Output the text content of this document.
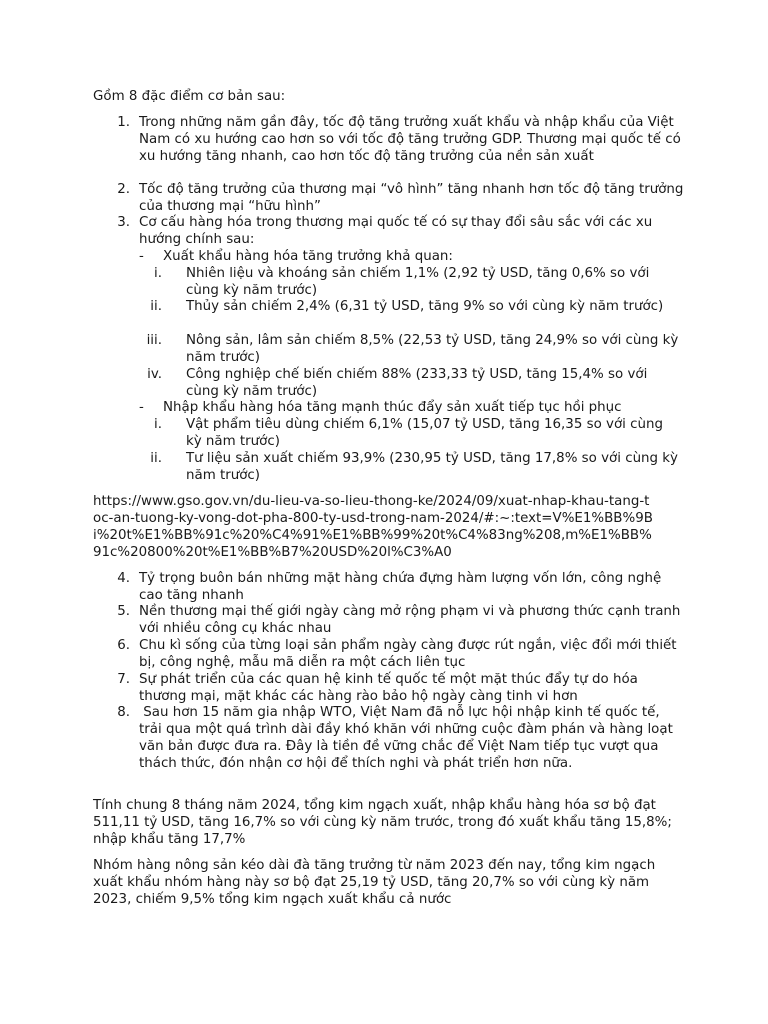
Gồm 8 đặc điểm cơ bản sau:
1. Trong những năm gần đây, tốc độ tăng trưởng xuất khẩu và nhập khẩu của Việt Nam có xu hướng cao hơn so với tốc độ tăng trưởng GDP. Thương mại quốc tế có xu hướng tăng nhanh, cao hơn tốc độ tăng trưởng của nền sản xuất
2. Tốc độ tăng trưởng của thương mại “vô hình” tăng nhanh hơn tốc độ tăng trưởng của thương mại “hữu hình”
3. Cơ cấu hàng hóa trong thương mại quốc tế có sự thay đổi sâu sắc với các xu hướng chính sau:
- Xuất khẩu hàng hóa tăng trưởng khả quan:
i. Nhiên liệu và khoáng sản chiếm 1,1% (2,92 tỷ USD, tăng 0,6% so với cùng kỳ năm trước)
ii. Thủy sản chiếm 2,4% (6,31 tỷ USD, tăng 9% so với cùng kỳ năm trước)
iii. Nông sản, lâm sản chiếm 8,5% (22,53 tỷ USD, tăng 24,9% so với cùng kỳ năm trước)
iv. Công nghiệp chế biến chiếm 88% (233,33 tỷ USD, tăng 15,4% so với cùng kỳ năm trước)
- Nhập khẩu hàng hóa tăng mạnh thúc đẩy sản xuất tiếp tục hồi phục
i. Vật phẩm tiêu dùng chiếm 6,1% (15,07 tỷ USD, tăng 16,35 so với cùng kỳ năm trước)
ii. Tư liệu sản xuất chiếm 93,9% (230,95 tỷ USD, tăng 17,8% so với cùng kỳ năm trước)
https://www.gso.gov.vn/du-lieu-va-so-lieu-thong-ke/2024/09/xuat-nhap-khau-tang-toc-an-tuong-ky-vong-dot-pha-800-ty-usd-trong-nam-2024/#:~:text=V%E1%BB%9Bi%20t%E1%BB%91c%20%C4%91%E1%BB%99%20t%C4%83ng%208,m%E1%BB%91c%20800%20t%E1%BB%B7%20USD%20l%C3%A0
4. Tỷ trọng buôn bán những mặt hàng chứa đựng hàm lượng vốn lớn, công nghệ cao tăng nhanh
5. Nền thương mại thế giới ngày càng mở rộng phạm vi và phương thức cạnh tranh với nhiều công cụ khác nhau
6. Chu kì sống của từng loại sản phẩm ngày càng được rút ngắn, việc đổi mới thiết bị, công nghệ, mẫu mã diễn ra một cách liên tục
7. Sự phát triển của các quan hệ kinh tế quốc tế một mặt thúc đẩy tự do hóa thương mại, mặt khác các hàng rào bảo hộ ngày càng tinh vi hơn
8. Sau hơn 15 năm gia nhập WTO, Việt Nam đã nỗ lực hội nhập kinh tế quốc tế, trải qua một quá trình dài đầy khó khăn với những cuộc đàm phán và hàng loạt văn bản được đưa ra. Đây là tiền đề vững chắc để Việt Nam tiếp tục vượt qua thách thức, đón nhận cơ hội để thích nghi và phát triển hơn nữa.
Tính chung 8 tháng năm 2024, tổng kim ngạch xuất, nhập khẩu hàng hóa sơ bộ đạt 511,11 tỷ USD, tăng 16,7% so với cùng kỳ năm trước, trong đó xuất khẩu tăng 15,8%; nhập khẩu tăng 17,7%
Nhóm hàng nông sản kéo dài đà tăng trưởng từ năm 2023 đến nay, tổng kim ngạch xuất khẩu nhóm hàng này sơ bộ đạt 25,19 tỷ USD, tăng 20,7% so với cùng kỳ năm 2023, chiếm 9,5% tổng kim ngạch xuất khẩu cả nước
